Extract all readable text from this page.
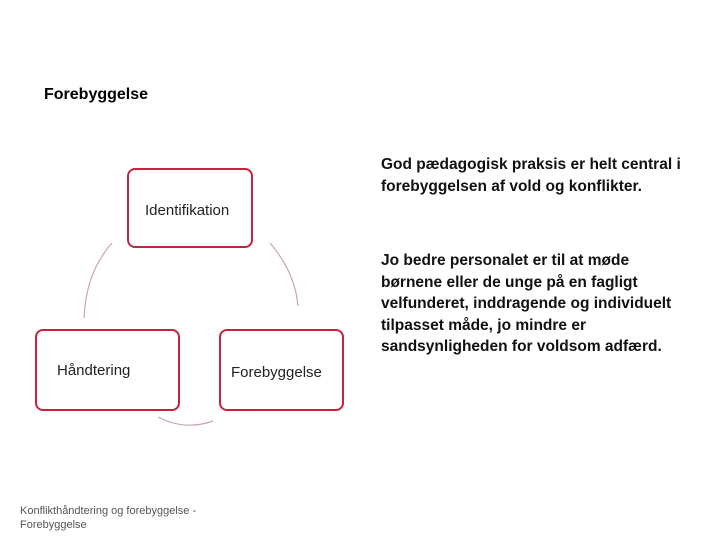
Forebyggelse
Identifikation
Håndtering	Forebyggelse
God pædagogisk praksis er helt central i forebyggelsen af vold og konflikter.
Jo bedre personalet er til at møde børnene eller de unge på en fagligt velfunderet, inddragende og individuelt tilpasset måde, jo mindre er sandsynligheden for voldsom adfærd.
Konflikthåndtering og forebyggelse -
Forebyggelse
